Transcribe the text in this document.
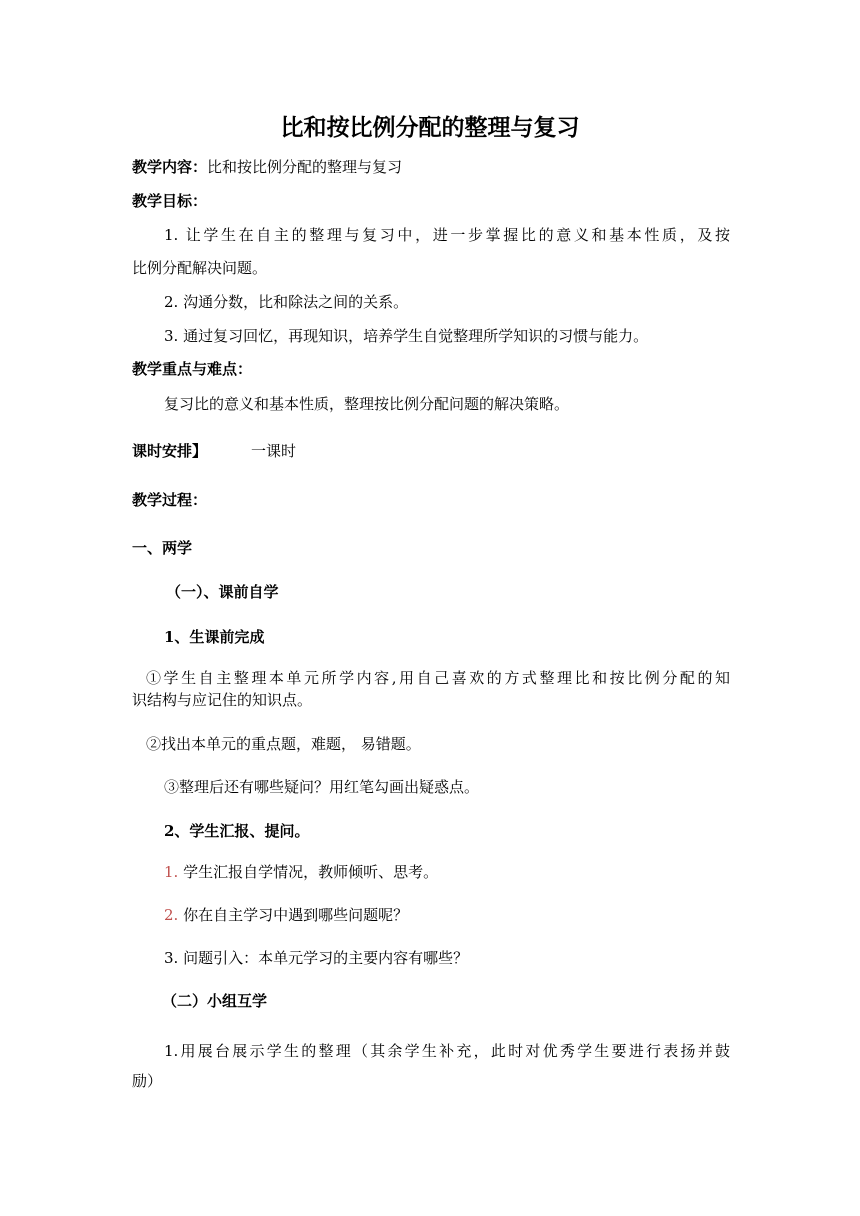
比和按比例分配的整理与复习
教学内容：比和按比例分配的整理与复习
教学目标：
1. 让学生在自主的整理与复习中，进一步掌握比的意义和基本性质，及按
比例分配解决问题。
2. 沟通分数，比和除法之间的关系。
3. 通过复习回忆，再现知识，培养学生自觉整理所学知识的习惯与能力。
教学重点与难点：
复习比的意义和基本性质，整理按比例分配问题的解决策略。
课时安排】	一课时
教学过程：
一、两学
（一）、课前自学
1、生课前完成
①学生自主整理本单元所学内容,用自己喜欢的方式整理比和按比例分配的知
识结构与应记住的知识点。
②找出本单元的重点题，难题， 易错题。
③整理后还有哪些疑问？用红笔勾画出疑惑点。
2、学生汇报、提问。
1. 学生汇报自学情况，教师倾听、思考。
2. 你在自主学习中遇到哪些问题呢？
3. 问题引入：本单元学习的主要内容有哪些？
（二）小组互学
1.用展台展示学生的整理（其余学生补充，此时对优秀学生要进行表扬并鼓
励）
